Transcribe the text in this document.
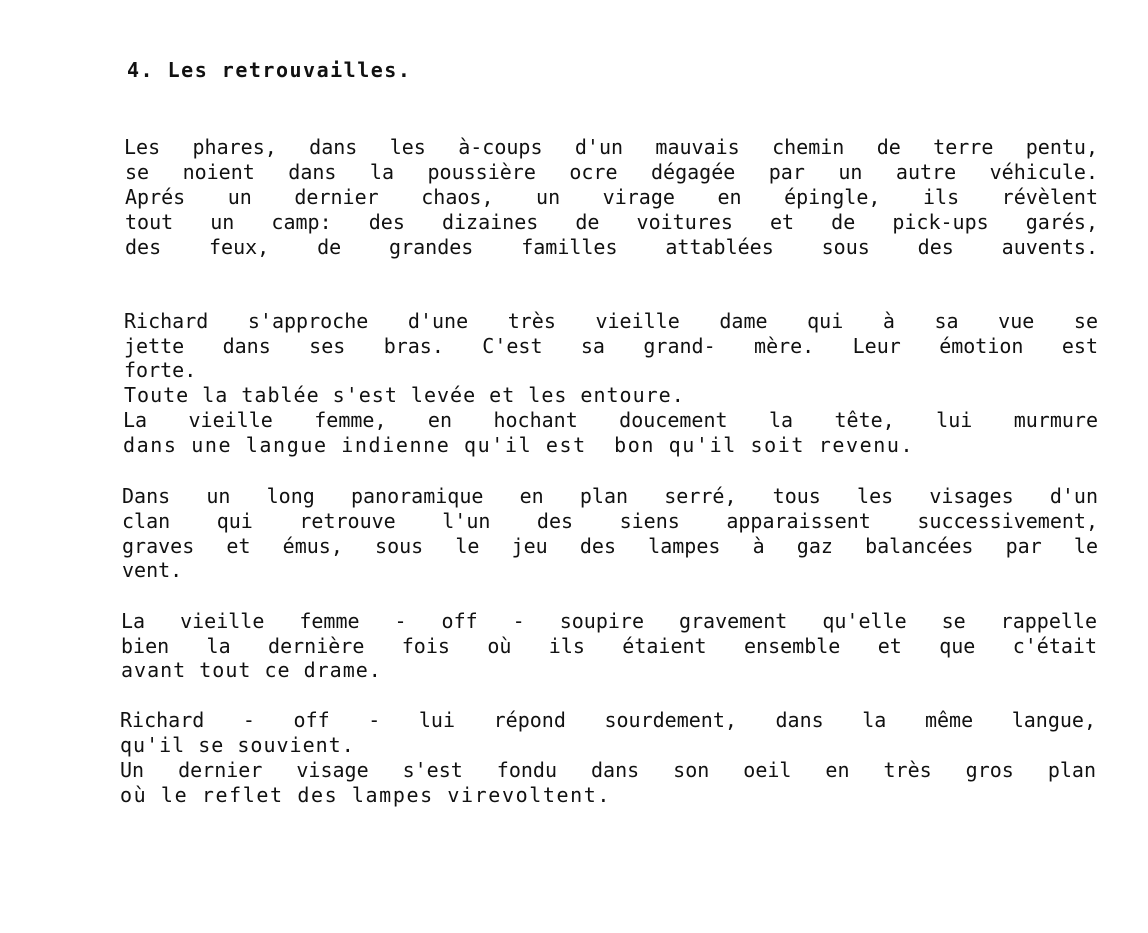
4. Les retrouvailles.
Les phares, dans les à-coups d'un mauvais chemin de terre pentu,
se noient dans la poussière ocre dégagée par un autre véhicule.
Aprés un dernier chaos, un virage en épingle, ils révèlent
tout un camp: des dizaines de voitures et de pick-ups garés,
des feux, de grandes familles attablées sous des auvents.
Richard s'approche d'une très vieille dame qui à sa vue se
jette dans ses bras. C'est sa grand- mère. Leur émotion est
forte.
Toute la tablée s'est levée et les entoure.
La vieille femme, en hochant doucement la tête, lui murmure
dans une langue indienne qu'il est  bon qu'il soit revenu.
Dans un long panoramique en plan serré, tous les visages d'un
clan qui retrouve l'un des siens apparaissent successivement,
graves et émus, sous le jeu des lampes à gaz balancées par le
vent.
La vieille femme - off - soupire gravement qu'elle se rappelle
bien la dernière fois où ils étaient ensemble et que c'était
avant tout ce drame.
Richard - off - lui répond sourdement, dans la même langue,
qu'il se souvient.
Un dernier visage s'est fondu dans son oeil en très gros plan
où le reflet des lampes virevoltent.
